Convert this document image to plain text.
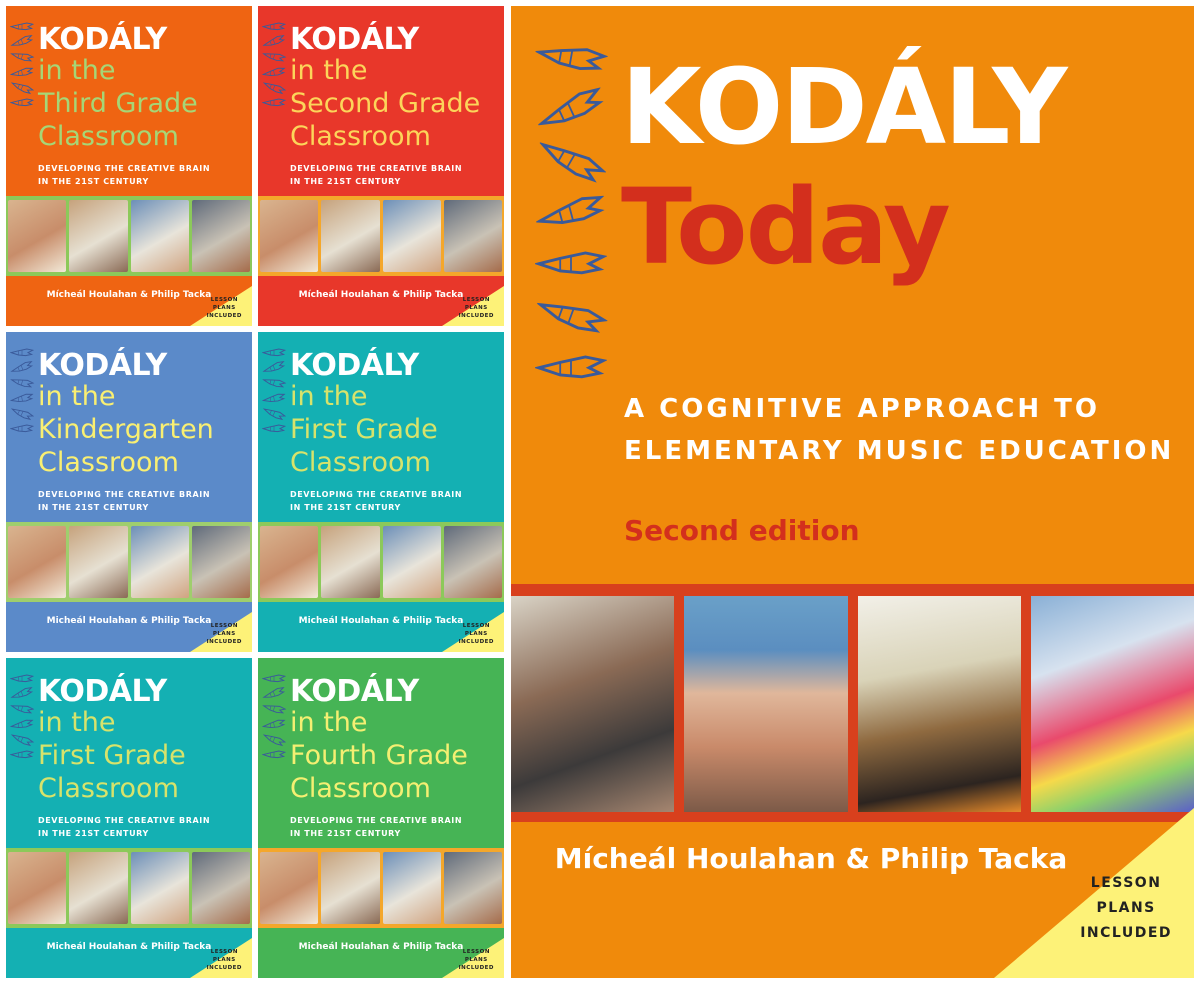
KODÁLY
in the
Third Grade
Classroom
DEVELOPING THE CREATIVE BRAIN
IN THE 21ST CENTURY
Mícheál Houlahan & Philip Tacka LESSON
PLANS
INCLUDED
KODÁLY
in the
Second Grade
Classroom
DEVELOPING THE CREATIVE BRAIN
IN THE 21ST CENTURY
Mícheál Houlahan & Philip Tacka LESSON
PLANS
INCLUDED
KODÁLY
in the
Kindergarten
Classroom
DEVELOPING THE CREATIVE BRAIN
IN THE 21ST CENTURY
Micheál Houlahan & Philip Tacka LESSON
PLANS
INCLUDED
KODÁLY
in the
First Grade
Classroom
DEVELOPING THE CREATIVE BRAIN
IN THE 21ST CENTURY
Micheál Houlahan & Philip Tacka LESSON
PLANS
INCLUDED
KODÁLY
in the
First Grade
Classroom
DEVELOPING THE CREATIVE BRAIN
IN THE 21ST CENTURY
Micheál Houlahan & Philip Tacka LESSON
PLANS
INCLUDED
KODÁLY
in the
Fourth Grade
Classroom
DEVELOPING THE CREATIVE BRAIN
IN THE 21ST CENTURY
Micheál Houlahan & Philip Tacka LESSON
PLANS
INCLUDED
KODÁLY
Today
A COGNITIVE APPROACH TO
ELEMENTARY MUSIC EDUCATION
Second edition
Mícheál Houlahan & Philip Tacka
LESSON
PLANS
INCLUDED
